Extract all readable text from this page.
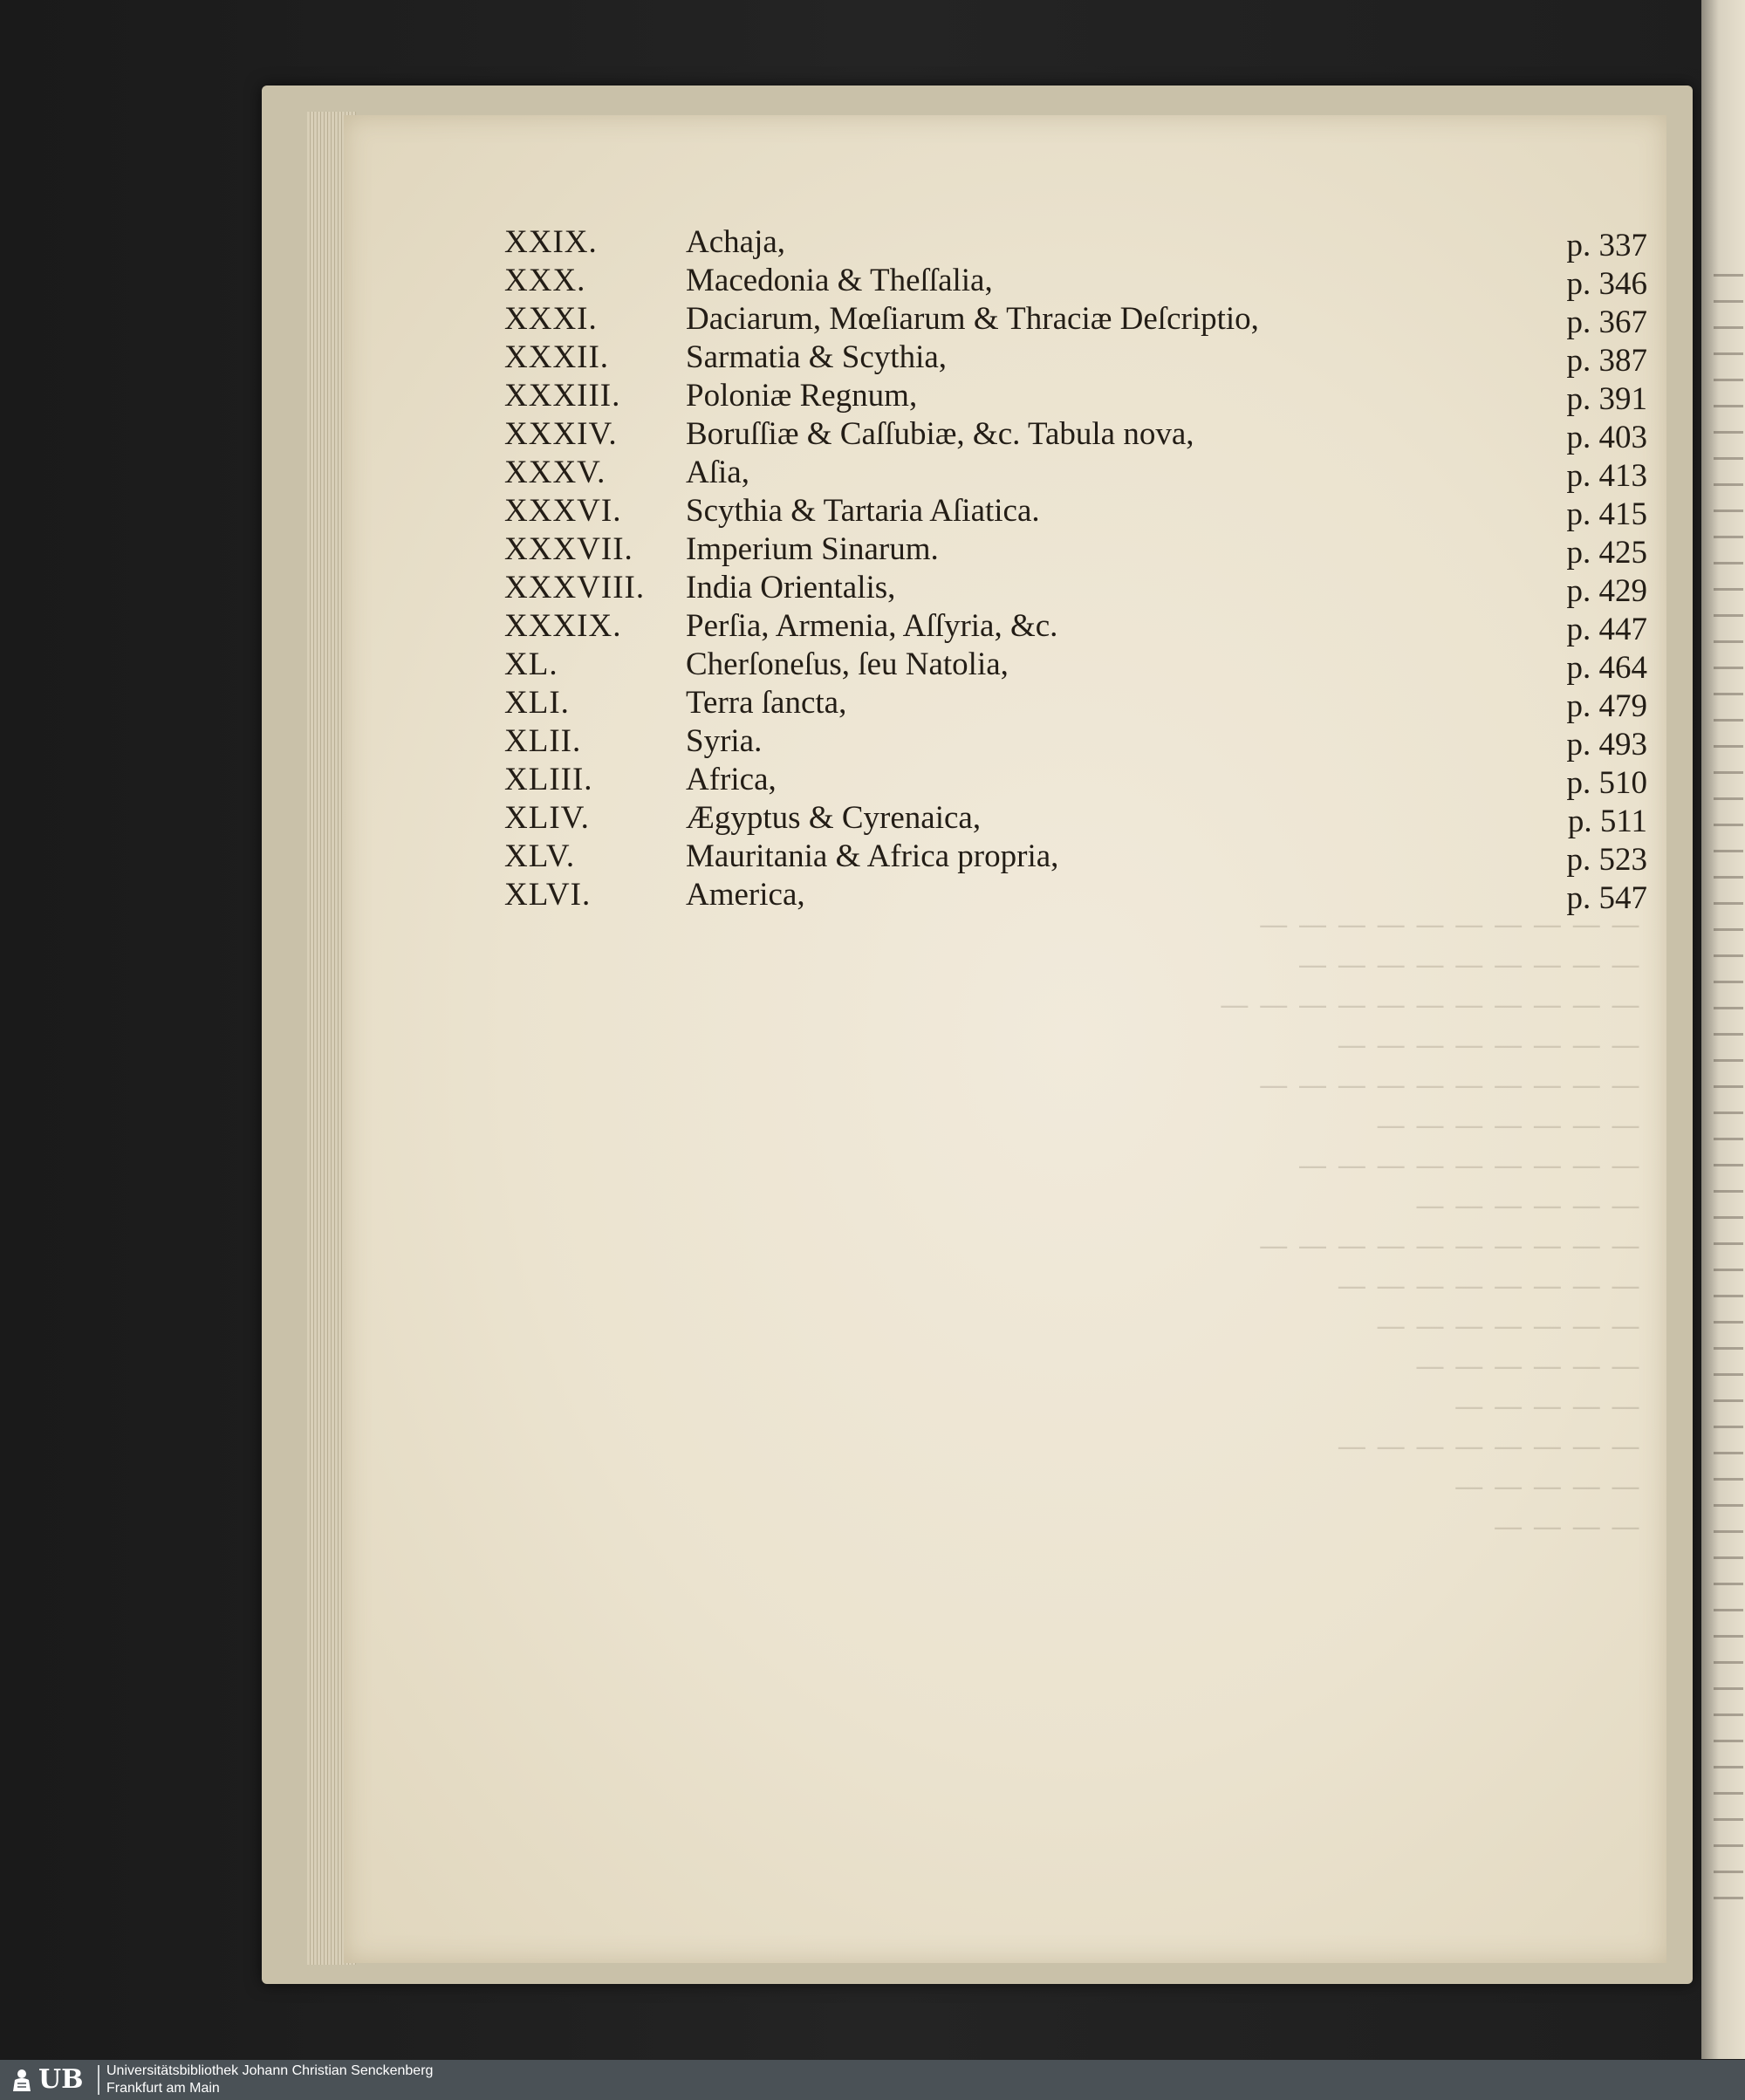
— — — — — — — — — —
— — — — — — — — —
— — — — — — — — — — —
— — — — — — — —
— — — — — — — — — —
— — — — — — —
— — — — — — — — —
— — — — — —
— — — — — — — — — —
— — — — — — — —
— — — — — — —
— — — — — —
— — — — —
— — — — — — — —
— — — — —
— — — —
XXIX.	Achaja,	p. 337
XXX.	Macedonia & Theſſalia,	p. 346
XXXI.	Daciarum, Mœſiarum & Thraciæ Deſcriptio,	p. 367
XXXII. Sarmatia & Scythia,	p. 387
XXXIII. Poloniæ Regnum,	p. 391
XXXIV. Boruſſiæ & Caſſubiæ, &c. Tabula nova,	p. 403
XXXV. Aſia,	p. 413
XXXVI. Scythia & Tartaria Aſiatica.	p. 415
XXXVII. Imperium Sinarum.	p. 425
XXXVIII. India Orientalis,	p. 429
XXXIX. Perſia, Armenia, Aſſyria, &c.	p. 447
XL.	Cherſoneſus, ſeu Natolia,	p. 464
XLI.	Terra ſancta,	p. 479
XLII.	Syria.	p. 493
XLIII.	Africa,	p. 510
XLIV.	Ægyptus & Cyrenaica,	p. 511
XLV.	Mauritania & Africa propria,	p. 523
XLVI.	America,	p. 547
UB Universitätsbibliothek Johann Christian Senckenberg
Frankfurt am Main
